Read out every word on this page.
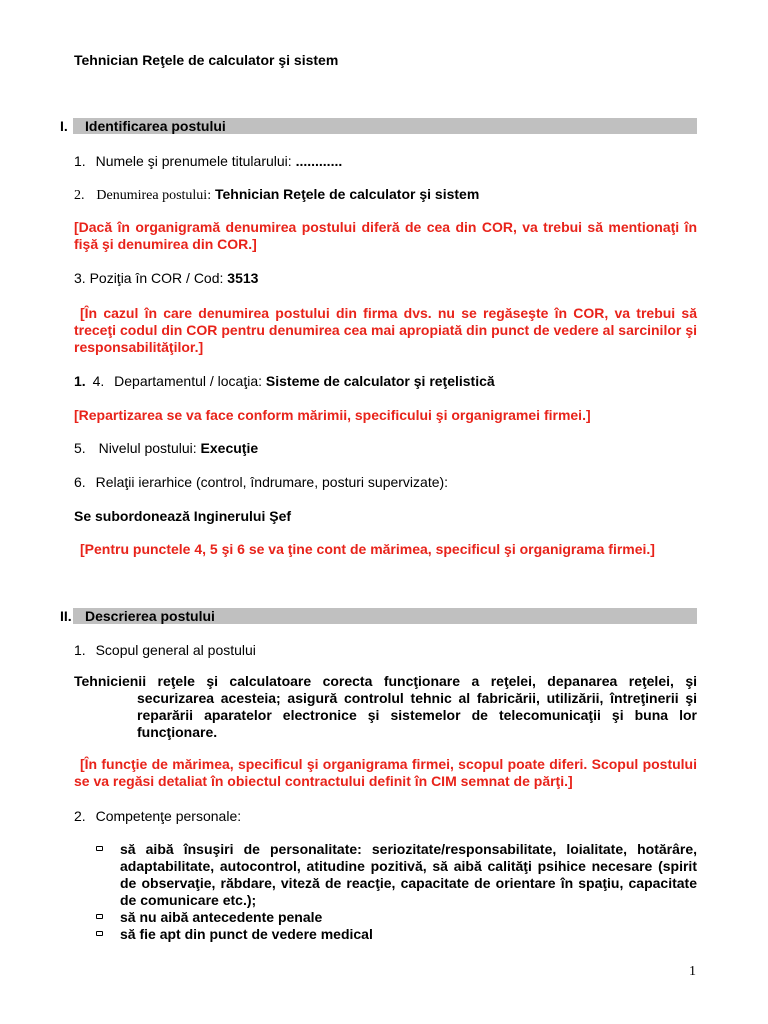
Tehnician Reţele de calculator şi sistem
I. Identificarea postului
1. Numele şi prenumele titularului: ............
2. Denumirea postului: Tehnician Reţele de calculator şi sistem
[Dacă în organigramă denumirea postului diferă de cea din COR, va trebui să mentionaţi în fişă şi denumirea din COR.]
3. Poziţia în COR / Cod: 3513
[În cazul în care denumirea postului din firma dvs. nu se regăseşte în COR, va trebui să treceţi codul din COR pentru denumirea cea mai apropiată din punct de vedere al sarcinilor şi responsabilităţilor.]
1. 4. Departamentul / locaţia: Sisteme de calculator şi reţelistică
[Repartizarea se va face conform mărimii, specificului şi organigramei firmei.]
5. Nivelul postului: Execuţie
6. Relaţii ierarhice (control, îndrumare, posturi supervizate):
Se subordonează Inginerului Şef
[Pentru punctele 4, 5 şi 6 se va ţine cont de mărimea, specificul şi organigrama firmei.]
II. Descrierea postului
1. Scopul general al postului
Tehnicienii reţele şi calculatoare corecta funcţionare a reţelei, depanarea reţelei, şi
securizarea acesteia; asigură controlul tehnic al fabricării, utilizării, întreţinerii şi reparării aparatelor electronice şi sistemelor de telecomunicaţii şi buna lor funcţionare.
[În funcţie de mărimea, specificul şi organigrama firmei, scopul poate diferi. Scopul postului se va regăsi detaliat în obiectul contractului definit în CIM semnat de părţi.]
2. Competenţe personale:
să aibă însuşiri de personalitate: seriozitate/responsabilitate, loialitate, hotărâre, adaptabilitate, autocontrol, atitudine pozitivă, să aibă calităţi psihice necesare (spirit de observaţie, răbdare, viteză de reacţie, capacitate de orientare în spaţiu, capacitate de comunicare etc.);
să nu aibă antecedente penale
să fie apt din punct de vedere medical
1
